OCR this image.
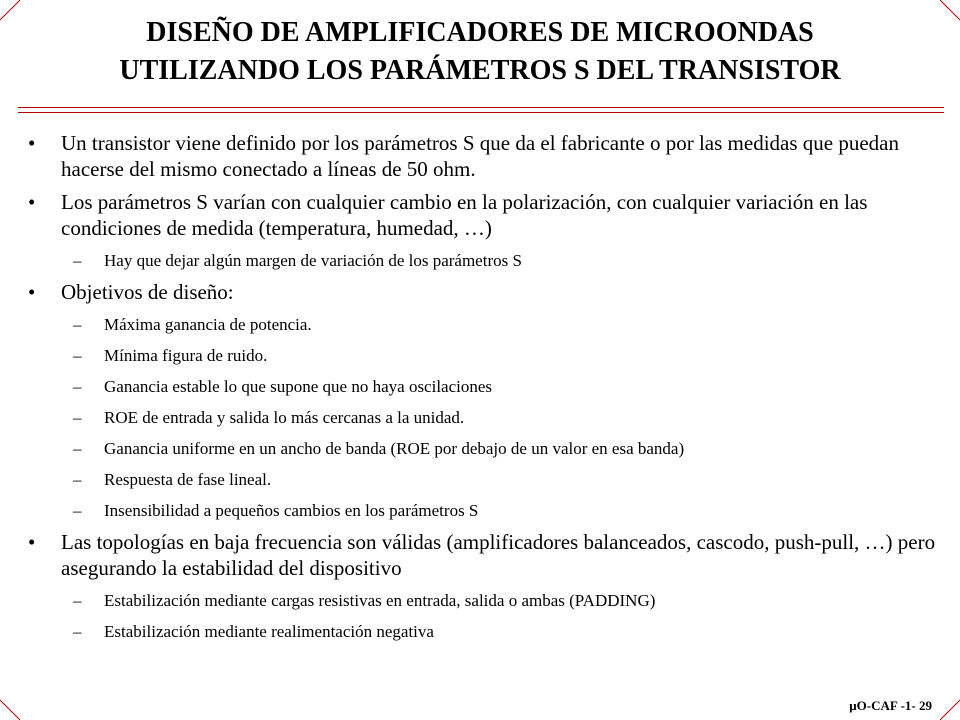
DISEÑO DE AMPLIFICADORES DE MICROONDAS
UTILIZANDO LOS PARÁMETROS S DEL TRANSISTOR
• Un transistor viene definido por los parámetros S que da el fabricante o por las medidas que puedan hacerse del mismo conectado a líneas de 50 ohm.
• Los parámetros S varían con cualquier cambio en la polarización, con cualquier variación en las condiciones de medida (temperatura, humedad, …)
– Hay que dejar algún margen de variación de los parámetros S
• Objetivos de diseño:
– Máxima ganancia de potencia.
– Mínima figura de ruido.
– Ganancia estable lo que supone que no haya oscilaciones
– ROE de entrada y salida lo más cercanas a la unidad.
– Ganancia uniforme en un ancho de banda (ROE por debajo de un valor en esa banda)
– Respuesta de fase lineal.
– Insensibilidad a pequeños cambios en los parámetros S
• Las topologías en baja frecuencia son válidas (amplificadores balanceados, cascodo, push-pull, …) pero asegurando la estabilidad del dispositivo
– Estabilización mediante cargas resistivas en entrada, salida o ambas (PADDING)
– Estabilización mediante realimentación negativa
μO-CAF -1- 29
